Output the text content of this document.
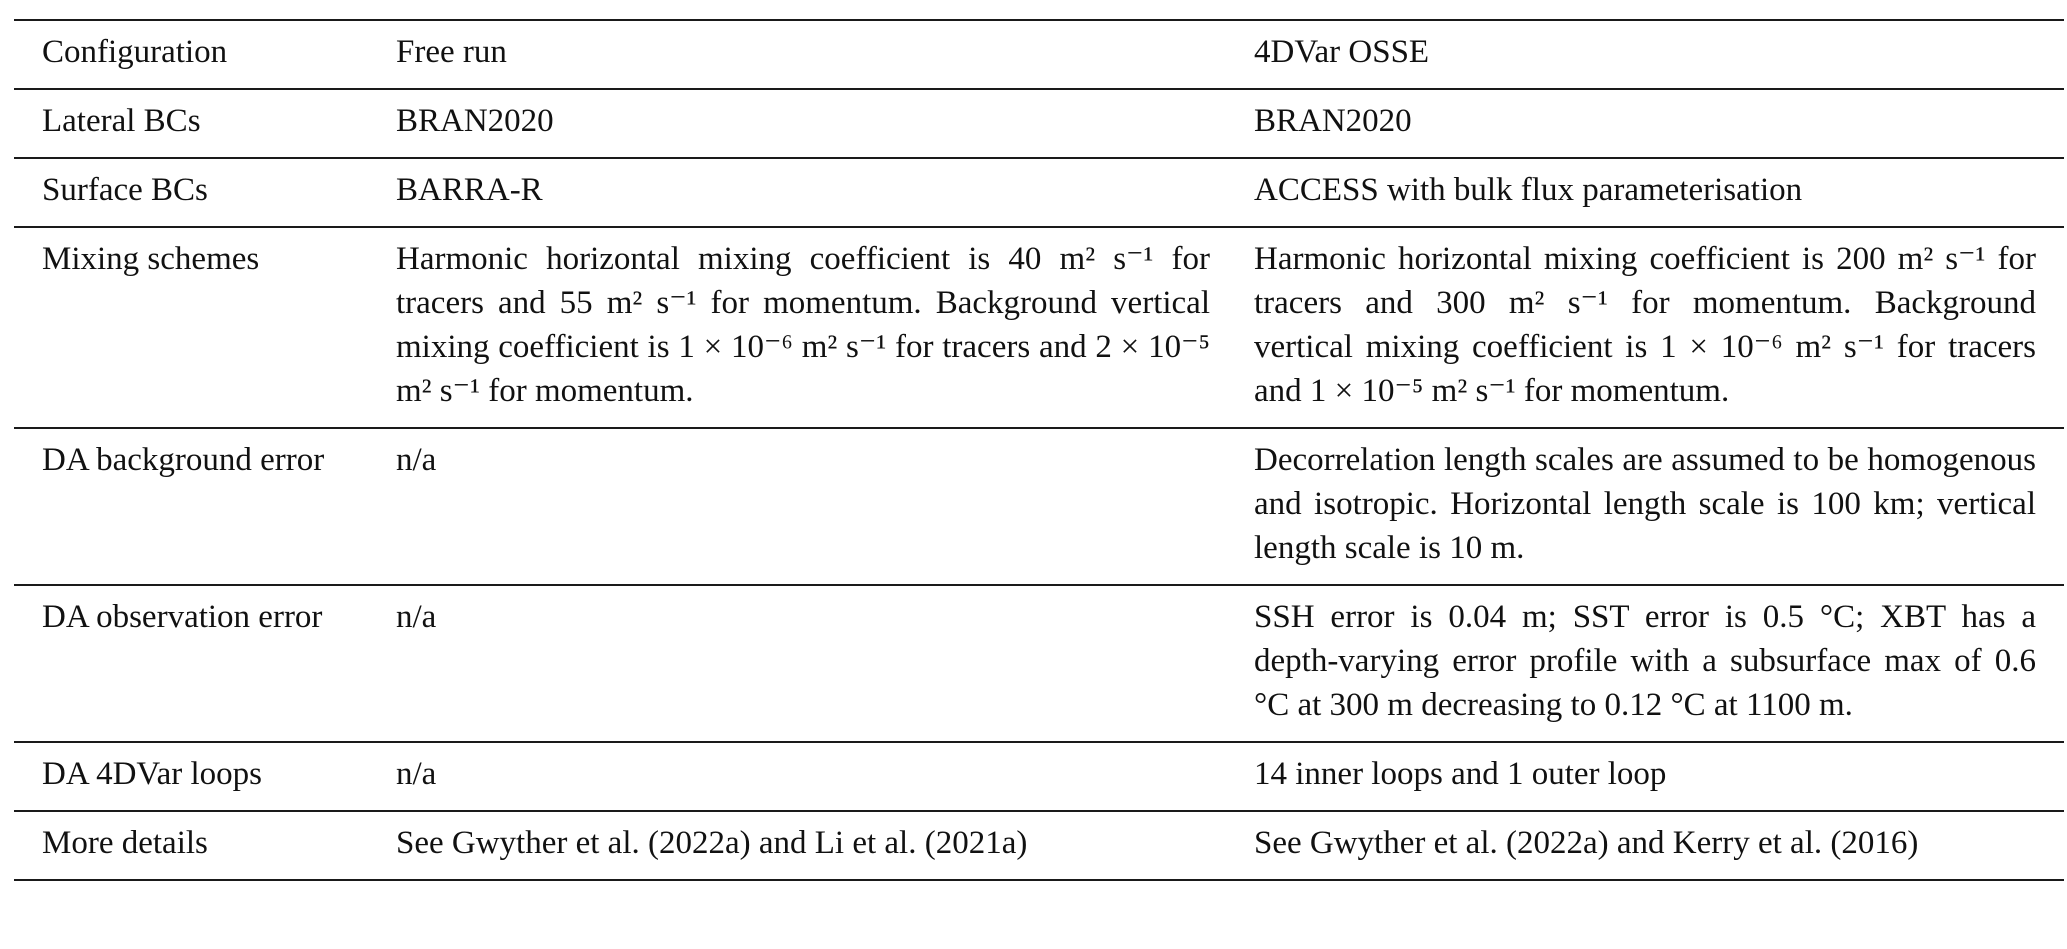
Configuration	Free run	4DVar OSSE
Lateral BCs	BRAN2020	BRAN2020
Surface BCs	BARRA-R	ACCESS with bulk flux parameterisation
Mixing schemes	Harmonic horizontal mixing coefficient is 40 m² s⁻¹ for tracers and 55 m² s⁻¹ for momentum. Background vertical mixing coefficient is 1 × 10⁻⁶ m² s⁻¹ for tracers and 2 × 10⁻⁵ m² s⁻¹ for momentum.	Harmonic horizontal mixing coefficient is 200 m² s⁻¹ for tracers and 300 m² s⁻¹ for momentum. Background vertical mixing coefficient is 1 × 10⁻⁶ m² s⁻¹ for tracers and 1 × 10⁻⁵ m² s⁻¹ for momentum.
DA background error	n/a	Decorrelation length scales are assumed to be homogenous and isotropic. Horizontal length scale is 100 km; vertical length scale is 10 m.
DA observation error	n/a	SSH error is 0.04 m; SST error is 0.5 °C; XBT has a depth-varying error profile with a subsurface max of 0.6 °C at 300 m decreasing to 0.12 °C at 1100 m.
DA 4DVar loops	n/a	14 inner loops and 1 outer loop
More details	See Gwyther et al. (2022a) and Li et al. (2021a)	See Gwyther et al. (2022a) and Kerry et al. (2016)
